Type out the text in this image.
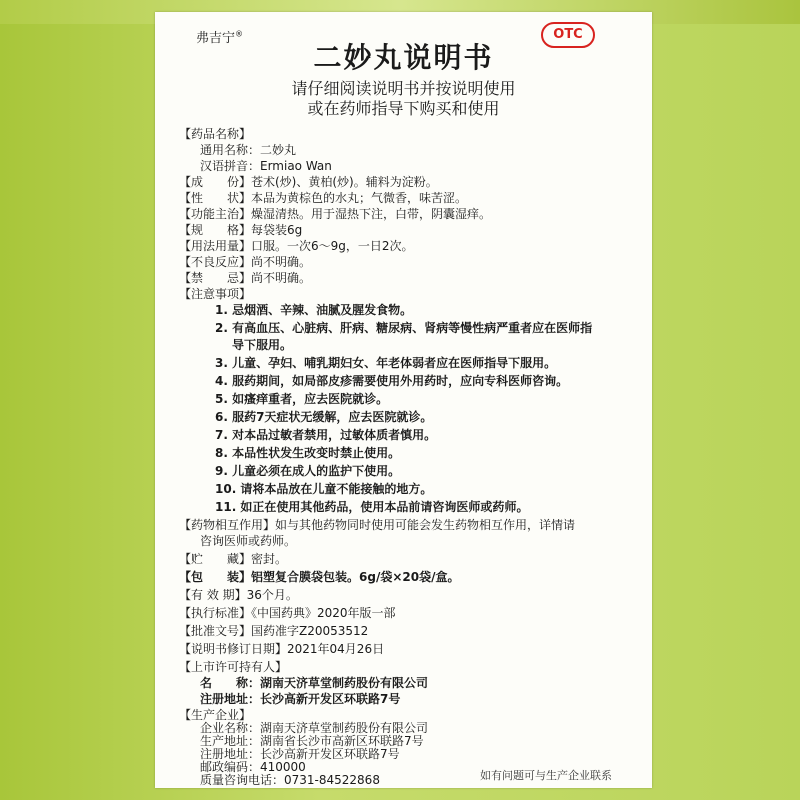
弗吉宁®	OTC
二妙丸说明书
请仔细阅读说明书并按说明使用
或在药师指导下购买和使用
【药品名称】
通用名称：二妙丸
汉语拼音：Ermiao Wan
【成　　份】苍术(炒)、黄柏(炒)。辅料为淀粉。
【性　　状】本品为黄棕色的水丸；气微香，味苦涩。
【功能主治】燥湿清热。用于湿热下注，白带，阴囊湿痒。
【规　　格】每袋装6g
【用法用量】口服。一次6～9g，一日2次。
【不良反应】尚不明确。
【禁　　忌】尚不明确。
【注意事项】
1. 忌烟酒、辛辣、油腻及腥发食物。
2. 有高血压、心脏病、肝病、糖尿病、肾病等慢性病严重者应在医师指
导下服用。
3. 儿童、孕妇、哺乳期妇女、年老体弱者应在医师指导下服用。
4. 服药期间，如局部皮疹需要使用外用药时，应向专科医师咨询。
5. 如瘙痒重者，应去医院就诊。
6. 服药7天症状无缓解，应去医院就诊。
7. 对本品过敏者禁用，过敏体质者慎用。
8. 本品性状发生改变时禁止使用。
9. 儿童必须在成人的监护下使用。
10. 请将本品放在儿童不能接触的地方。
11. 如正在使用其他药品，使用本品前请咨询医师或药师。
【药物相互作用】如与其他药物同时使用可能会发生药物相互作用，详情请
咨询医师或药师。
【贮　　藏】密封。
【包　　装】铝塑复合膜袋包装。6g/袋×20袋/盒。
【有 效 期】36个月。
【执行标准】《中国药典》2020年版一部
【批准文号】国药准字Z20053512
【说明书修订日期】2021年04月26日
【上市许可持有人】
名　　称：湖南天济草堂制药股份有限公司
注册地址：长沙高新开发区环联路7号
【生产企业】
企业名称：湖南天济草堂制药股份有限公司
生产地址：湖南省长沙市高新区环联路7号
注册地址：长沙高新开发区环联路7号
邮政编码：410000
质量咨询电话：0731-84522868	如有问题可与生产企业联系
